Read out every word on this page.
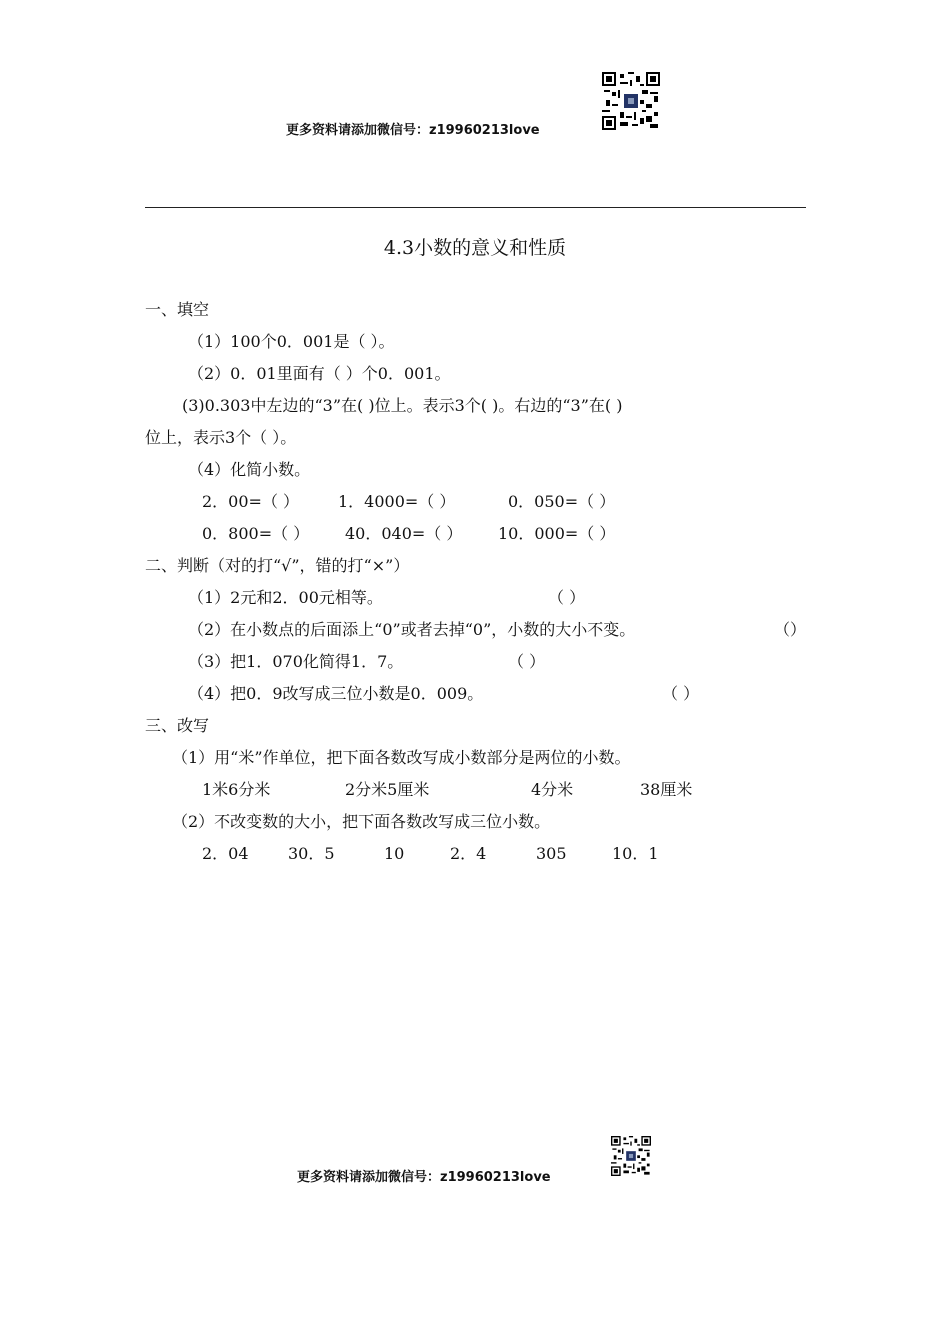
更多资料请添加微信号：z19960213love
4.3小数的意义和性质
一、填空
（1）100个0．001是（ ）。
（2）0．01里面有（ ）个0．001。
(3)0.303中左边的“3”在( )位上。表示3个( )。右边的“3”在( )
位上，表示3个（ ）。
（4）化简小数。
2．00=（ ） 1．4000=（ ）	0．050=（ ）
0．800=（ ） 40．040=（ ） 10．000=（ ）
二、判断（对的打“√”，错的打“×”）
（1）2元和2．00元相等。	（ ）
（2）在小数点的后面添上“0”或者去掉“0”，小数的大小不变。	（）
（3）把1．070化简得1．7。	（ ）
（4）把0．9改写成三位小数是0．009。	（ ）
三、改写
（1）用“米”作单位，把下面各数改写成小数部分是两位的小数。
1米6分米	2分米5厘米	4分米	38厘米
（2）不改变数的大小，把下面各数改写成三位小数。
2．04 30．5	10	2．4	305	10．1
更多资料请添加微信号：z19960213love
